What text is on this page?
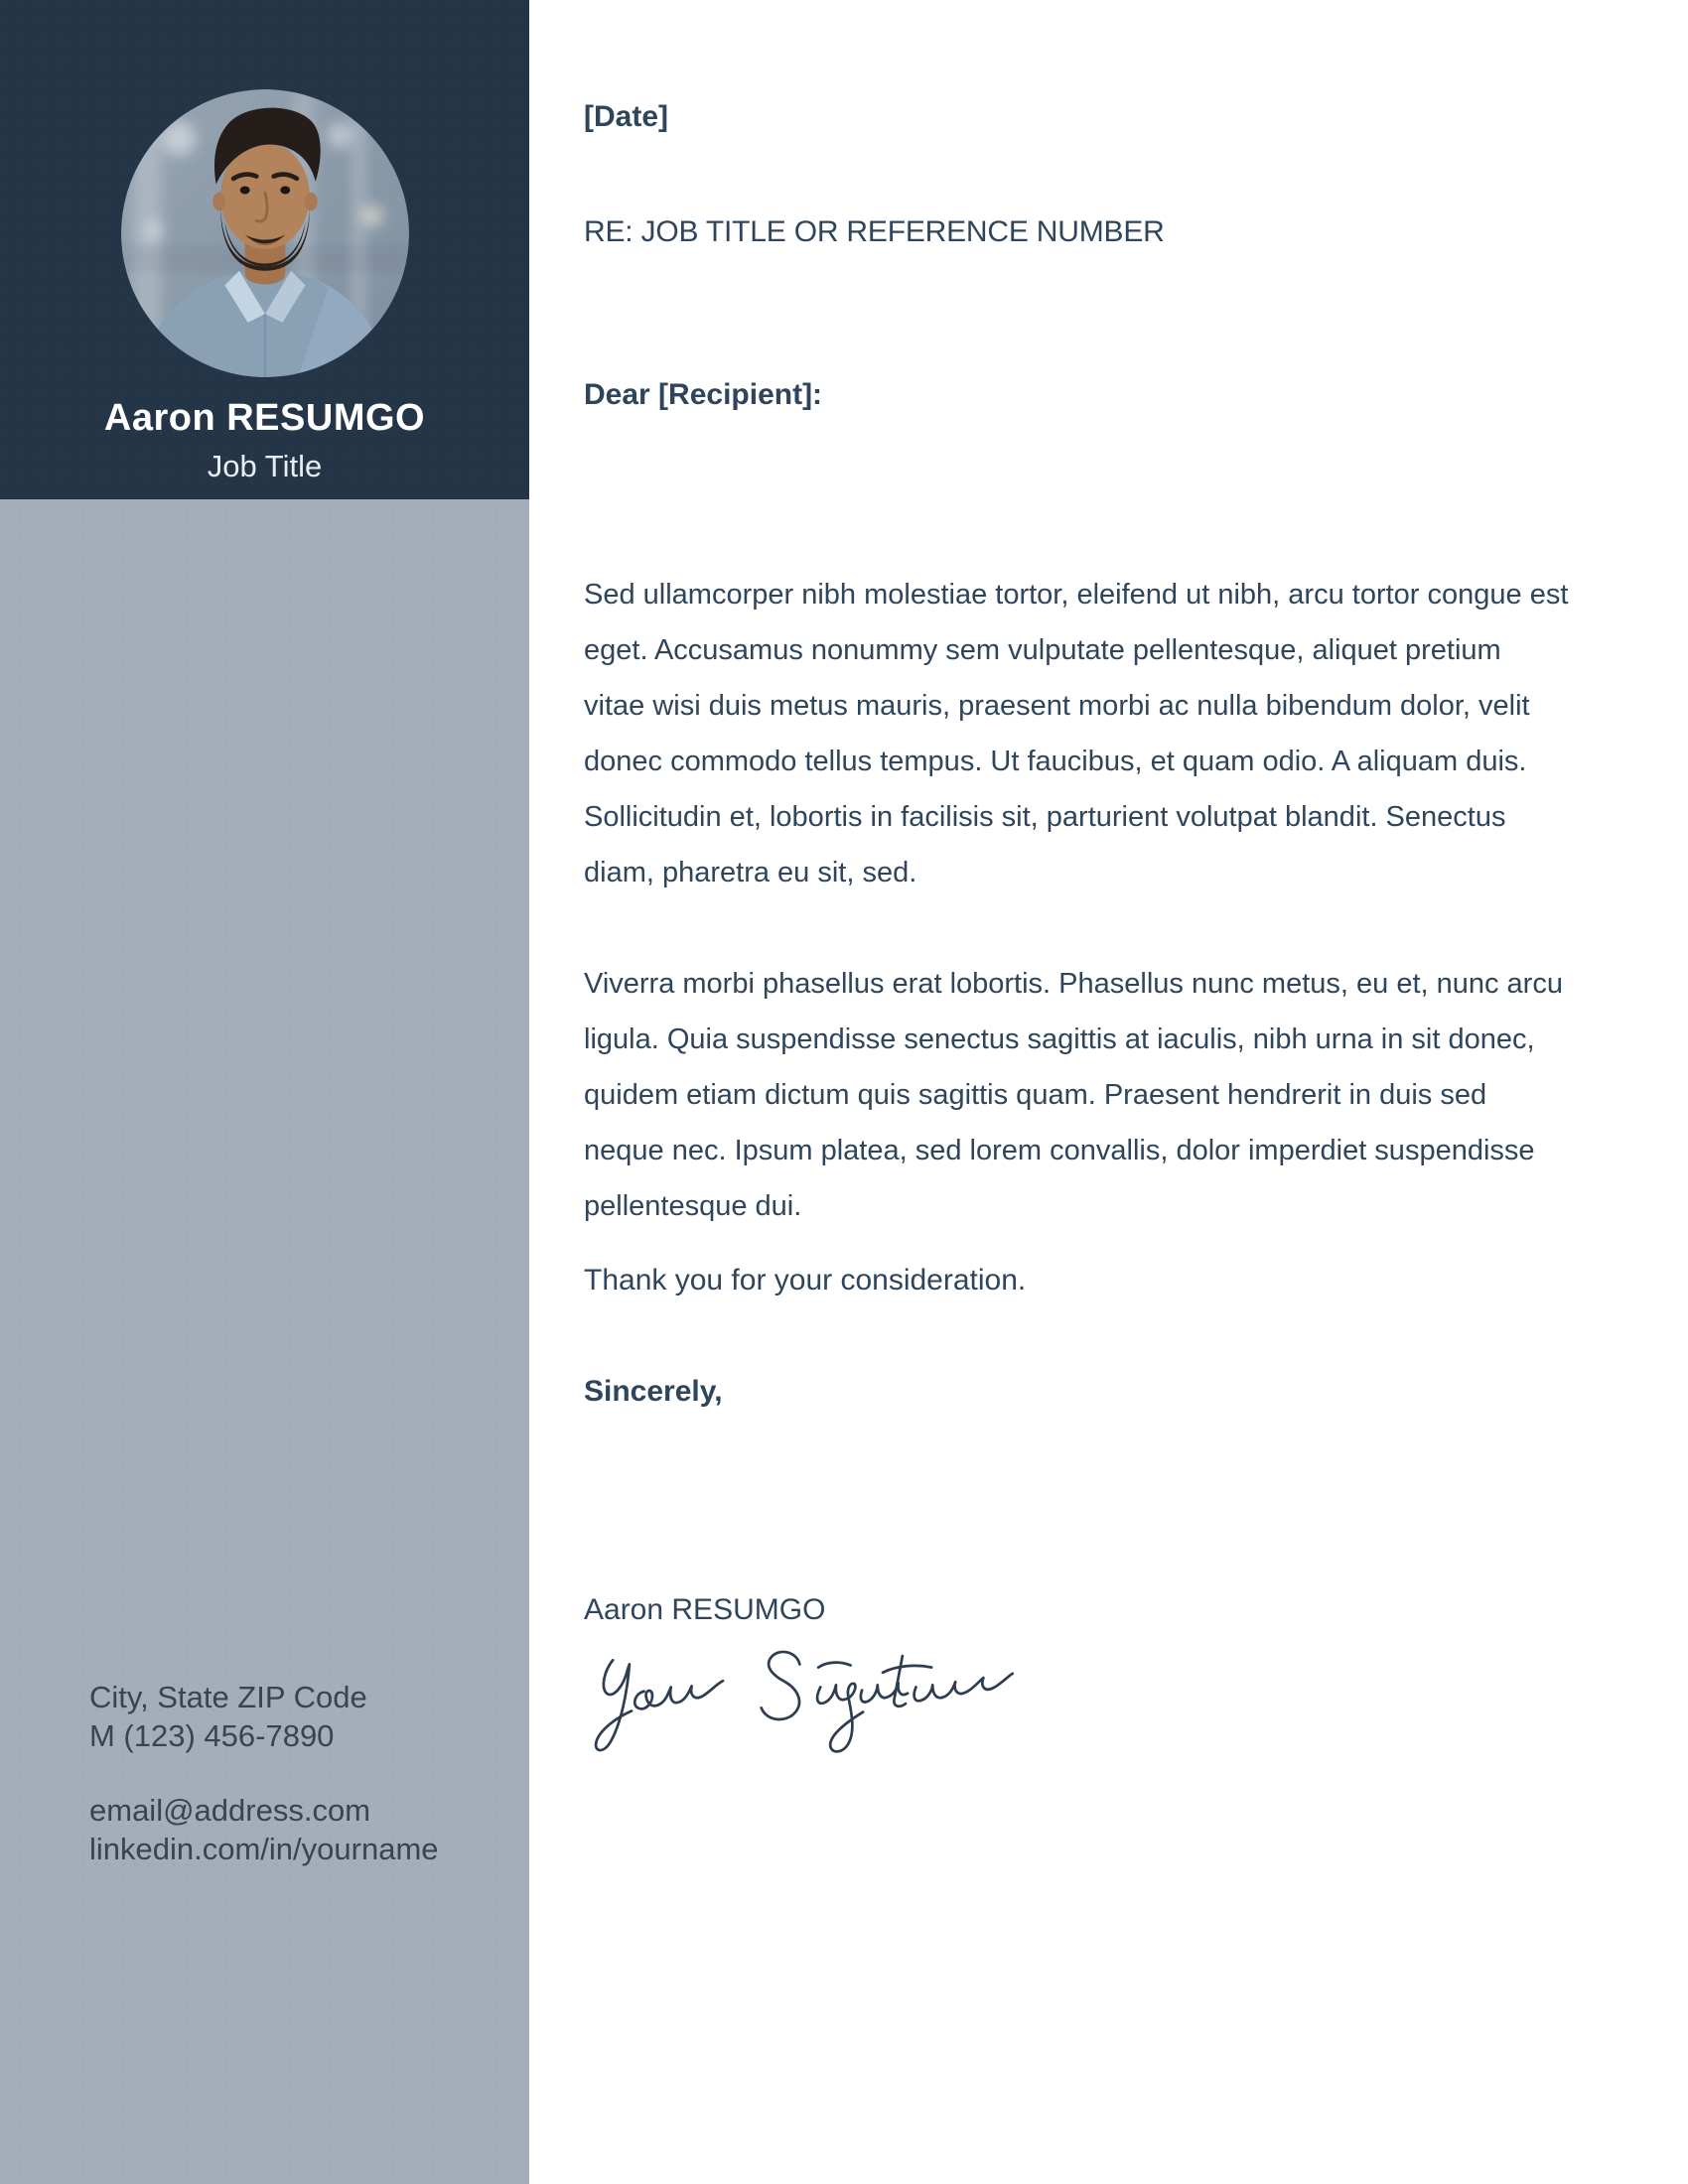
Aaron RESUMGO
Job Title
City, State ZIP Code
M (123) 456-7890
email@address.com
linkedin.com/in/yourname
[Date]
RE: JOB TITLE OR REFERENCE NUMBER
Dear [Recipient]:

Sed ullamcorper nibh molestiae tortor, eleifend ut nibh, arcu tortor congue est eget. Accusamus nonummy sem vulputate pellentesque, aliquet pretium vitae wisi duis metus mauris, praesent morbi ac nulla bibendum dolor, velit donec commodo tellus tempus. Ut faucibus, et quam odio. A aliquam duis. Sollicitudin et, lobortis in facilisis sit, parturient volutpat blandit. Senectus diam, pharetra eu sit, sed.

Viverra morbi phasellus erat lobortis. Phasellus nunc metus, eu et, nunc arcu ligula. Quia suspendisse senectus sagittis at iaculis, nibh urna in sit donec, quidem etiam dictum quis sagittis quam. Praesent hendrerit in duis sed neque nec. Ipsum platea, sed lorem convallis, dolor imperdiet suspendisse pellentesque dui.

Thank you for your consideration.
Sincerely,
Aaron RESUMGO
